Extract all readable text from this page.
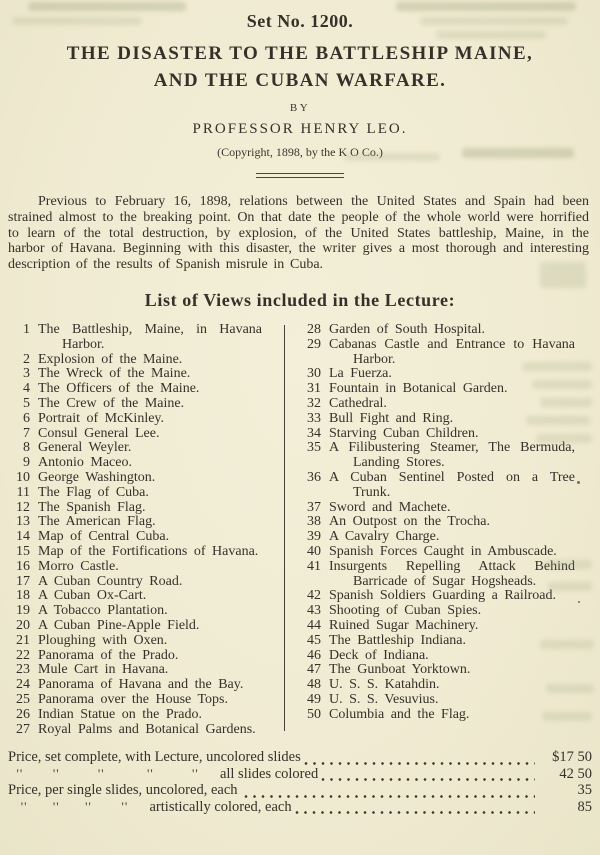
Set No. 1200.
THE DISASTER TO THE BATTLESHIP MAINE,
AND THE CUBAN WARFARE.
BY
PROFESSOR HENRY LEO.
(Copyright, 1898, by the K O Co.)

Previous to February 16, 1898, relations between the United States and Spain had been strained almost to the breaking point. On that date the people of the whole world were horrified to learn of the total destruction, by explosion, of the United States battleship, Maine, in the harbor of Havana. Beginning with this disaster, the writer gives a most thorough and interesting description of the results of Spanish misrule in Cuba.

List of Views included in the Lecture:
1 The Battleship, Maine, in Havana Harbor.
2 Explosion of the Maine.
3 The Wreck of the Maine.
4 The Officers of the Maine.
5 The Crew of the Maine.
6 Portrait of McKinley.
7 Consul General Lee.
8 General Weyler.
9 Antonio Maceo.
10 George Washington.
11 The Flag of Cuba.
12 The Spanish Flag.
13 The American Flag.
14 Map of Central Cuba.
15 Map of the Fortifications of Havana.
16 Morro Castle.
17 A Cuban Country Road.
18 A Cuban Ox-Cart.
19 A Tobacco Plantation.
20 A Cuban Pine-Apple Field.
21 Ploughing with Oxen.
22 Panorama of the Prado.
23 Mule Cart in Havana.
24 Panorama of Havana and the Bay.
25 Panorama over the House Tops.
26 Indian Statue on the Prado.
27 Royal Palms and Botanical Gardens.
28 Garden of South Hospital.
29 Cabanas Castle and Entrance to Havana Harbor.
30 La Fuerza.
31 Fountain in Botanical Garden.
32 Cathedral.
33 Bull Fight and Ring.
34 Starving Cuban Children.
35 A Filibustering Steamer, The Bermuda, Landing Stores.
36 A Cuban Sentinel Posted on a Tree Trunk.
37 Sword and Machete.
38 An Outpost on the Trocha.
39 A Cavalry Charge.
40 Spanish Forces Caught in Ambuscade.
41 Insurgents Repelling Attack Behind Barricade of Sugar Hogsheads.
42 Spanish Soldiers Guarding a Railroad.
43 Shooting of Cuban Spies.
44 Ruined Sugar Machinery.
45 The Battleship Indiana.
46 Deck of Indiana.
47 The Gunboat Yorktown.
48 U. S. S. Katahdin.
49 U. S. S. Vesuvius.
50 Columbia and the Flag.
Price, set complete, with Lecture, uncolored slides	$17 50
''       ''         ''          ''         '' all slides colored	42 50
Price, per single slides, uncolored, each	35
''      ''      ''       '' artistically colored, each	85
